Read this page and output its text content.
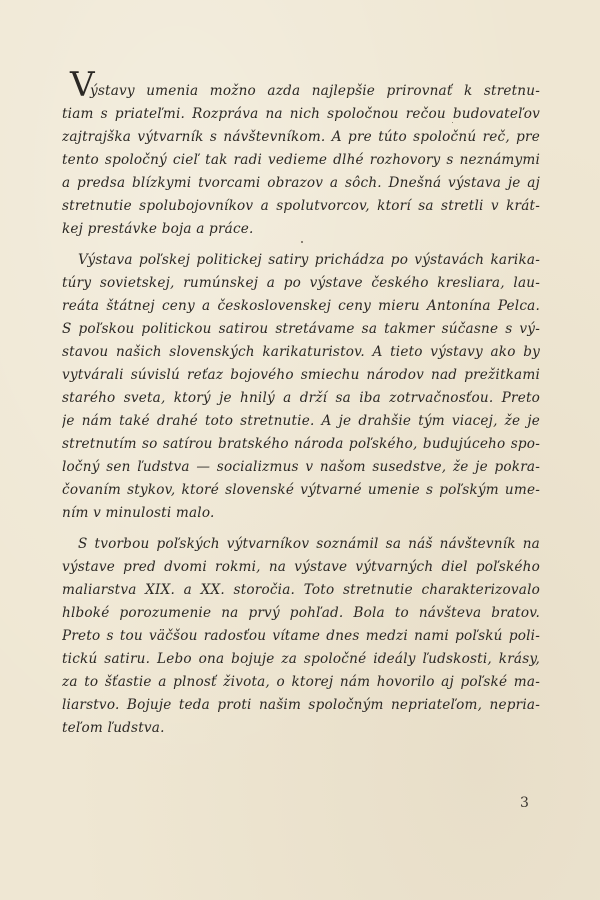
V
ýstavy umenia možno azda najlepšie prirovnať k stretnu-
tiam s priateľmi. Rozpráva na nich spoločnou rečou budovateľov
zajtrajška výtvarník s návštevníkom. A pre túto spoločnú reč, pre
tento spoločný cieľ tak radi vedieme dlhé rozhovory s neznámymi
a predsa blízkymi tvorcami obrazov a sôch. Dnešná výstava je aj
stretnutie spolubojovníkov a spolutvorcov, ktorí sa stretli v krát-
kej prestávke boja a práce.
Výstava poľskej politickej satiry prichádza po výstavách karika-
túry sovietskej, rumúnskej a po výstave českého kresliara, lau-
reáta štátnej ceny a československej ceny mieru Antonína Pelca.
S poľskou politickou satirou stretávame sa takmer súčasne s vý-
stavou našich slovenských karikaturistov. A tieto výstavy ako by
vytvárali súvislú reťaz bojového smiechu národov nad prežitkami
starého sveta, ktorý je hnilý a drží sa iba zotrvačnosťou. Preto
je nám také drahé toto stretnutie. A je drahšie tým viacej, že je
stretnutím so satírou bratského národa poľského, budujúceho spo-
ločný sen ľudstva — socializmus v našom susedstve, že je pokra-
čovaním stykov, ktoré slovenské výtvarné umenie s poľským ume-
ním v minulosti malo.
S tvorbou poľských výtvarníkov soznámil sa náš návštevník na
výstave pred dvomi rokmi, na výstave výtvarných diel poľského
maliarstva XIX. a XX. storočia. Toto stretnutie charakterizovalo
hlboké porozumenie na prvý pohľad. Bola to návšteva bratov.
Preto s tou väčšou radosťou vítame dnes medzi nami poľskú poli-
tickú satiru. Lebo ona bojuje za spoločné ideály ľudskosti, krásy,
za to šťastie a plnosť života, o ktorej nám hovorilo aj poľské ma-
liarstvo. Bojuje teda proti našim spoločným nepriateľom, nepria-
teľom ľudstva.
3
